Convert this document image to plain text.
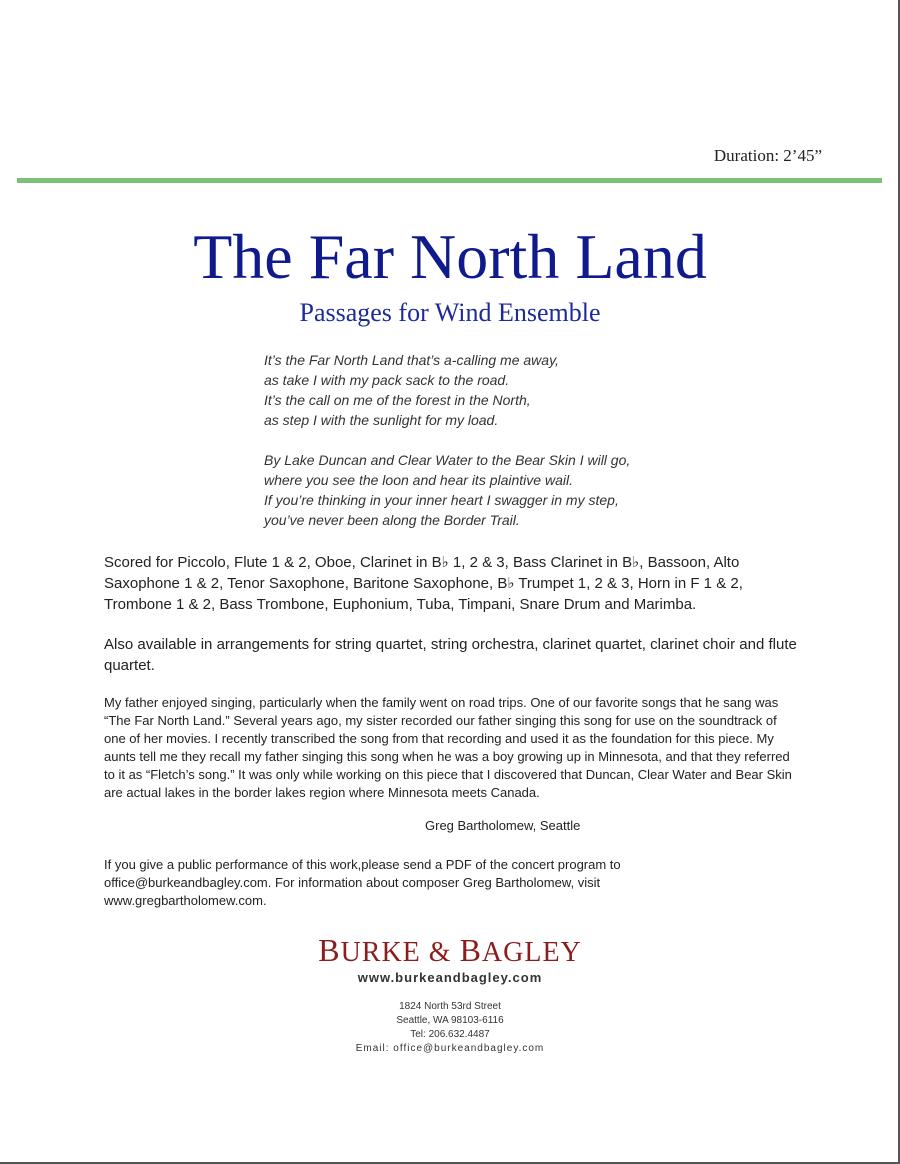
Duration: 2’45”
The Far North Land
Passages for Wind Ensemble
It’s the Far North Land that’s a-calling me away,
as take I with my pack sack to the road.
It’s the call on me of the forest in the North,
as step I with the sunlight for my load.
By Lake Duncan and Clear Water to the Bear Skin I will go,
where you see the loon and hear its plaintive wail.
If you’re thinking in your inner heart I swagger in my step,
you’ve never been along the Border Trail.
Scored for Piccolo, Flute 1 & 2, Oboe, Clarinet in B♭ 1, 2 & 3, Bass Clarinet in B♭, Bassoon, Alto Saxophone 1 & 2, Tenor Saxophone, Baritone Saxophone, B♭ Trumpet 1, 2 & 3, Horn in F 1 & 2, Trombone 1 & 2, Bass Trombone, Euphonium, Tuba, Timpani, Snare Drum and Marimba.
Also available in arrangements for string quartet, string orchestra, clarinet quartet, clarinet choir and flute quartet.
My father enjoyed singing, particularly when the family went on road trips. One of our favorite songs that he sang was “The Far North Land.” Several years ago, my sister recorded our father singing this song for use on the soundtrack of one of her movies. I recently transcribed the song from that recording and used it as the foundation for this piece. My aunts tell me they recall my father singing this song when he was a boy growing up in Minnesota, and that they referred to it as “Fletch’s song.” It was only while working on this piece that I discovered that Duncan, Clear Water and Bear Skin are actual lakes in the border lakes region where Minnesota meets Canada.
Greg Bartholomew, Seattle
If you give a public performance of this work,please send a PDF of the concert program to office@burkeandbagley.com. For information about composer Greg Bartholomew, visit www.gregbartholomew.com.
BURKE & BAGLEY
www.burkeandbagley.com
1824 North 53rd Street
Seattle, WA 98103-6116
Tel: 206.632.4487
Email: office@burkeandbagley.com
